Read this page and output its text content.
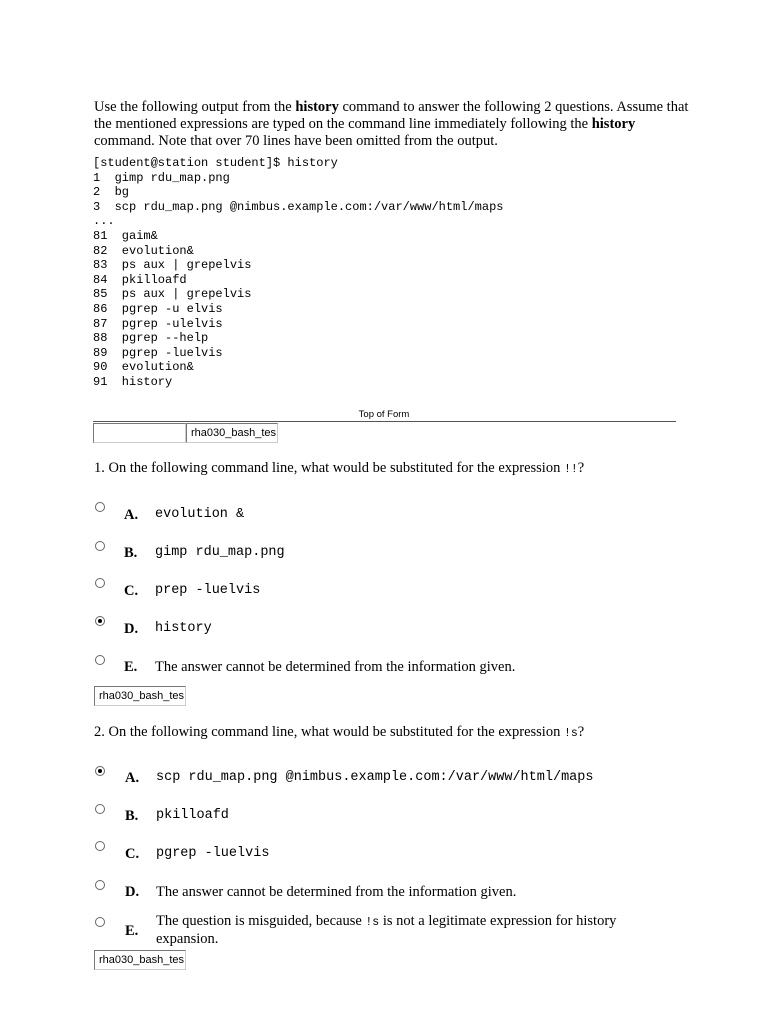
Use the following output from the history command to answer the following 2 questions. Assume that the mentioned expressions are typed on the command line immediately following the history command. Note that over 70 lines have been omitted from the output.
[student@station student]$ history
1  gimp rdu_map.png
2  bg
3  scp rdu_map.png @nimbus.example.com:/var/www/html/maps
...
81  gaim&
82  evolution&
83  ps aux | grepelvis
84  pkilloafd
85  ps aux | grepelvis
86  pgrep -u elvis
87  pgrep -ulelvis
88  pgrep --help
89  pgrep -luelvis
90  evolution&
91  history
Top of Form
rha030_bash_tes
1. On the following command line, what would be substituted for the expression !!?
A. evolution &
B. gimp rdu_map.png
C. prep -luelvis
D. history
E. The answer cannot be determined from the information given.
rha030_bash_tes
2. On the following command line, what would be substituted for the expression !s?
A. scp rdu_map.png @nimbus.example.com:/var/www/html/maps
B. pkilloafd
C. pgrep -luelvis
D. The answer cannot be determined from the information given.
E.
The question is misguided, because !s is not a legitimate expression for history expansion.
rha030_bash_tes
